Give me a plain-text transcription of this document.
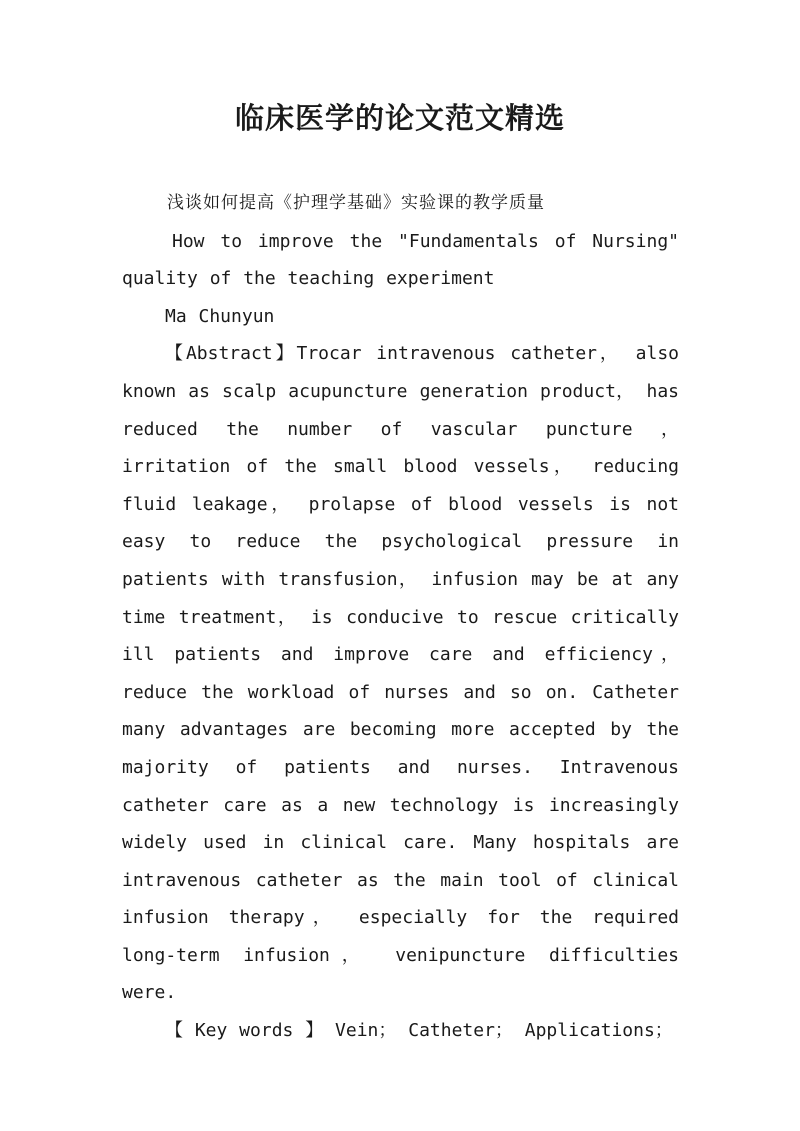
临床医学的论文范文精选

浅谈如何提高《护理学基础》实验课的教学质量

How to improve the "Fundamentals of Nursing" quality of the teaching experiment

Ma Chunyun

【Abstract】Trocar intravenous catheter， also known as scalp acupuncture generation product， has reduced the number of vascular puncture ， irritation of the small blood vessels， reducing fluid leakage， prolapse of blood vessels is not easy to reduce the psychological pressure in patients with transfusion， infusion may be at any time treatment， is conducive to rescue critically ill patients and improve care and efficiency， reduce the workload of nurses and so on. Catheter many advantages are becoming more accepted by the majority of patients and nurses. Intravenous catheter care as a new technology is increasingly widely used in clinical care. Many hospitals are intravenous catheter as the main tool of clinical infusion therapy， especially for the required long-term infusion， venipuncture difficulties were.

【 Key words 】 Vein； Catheter； Applications；
